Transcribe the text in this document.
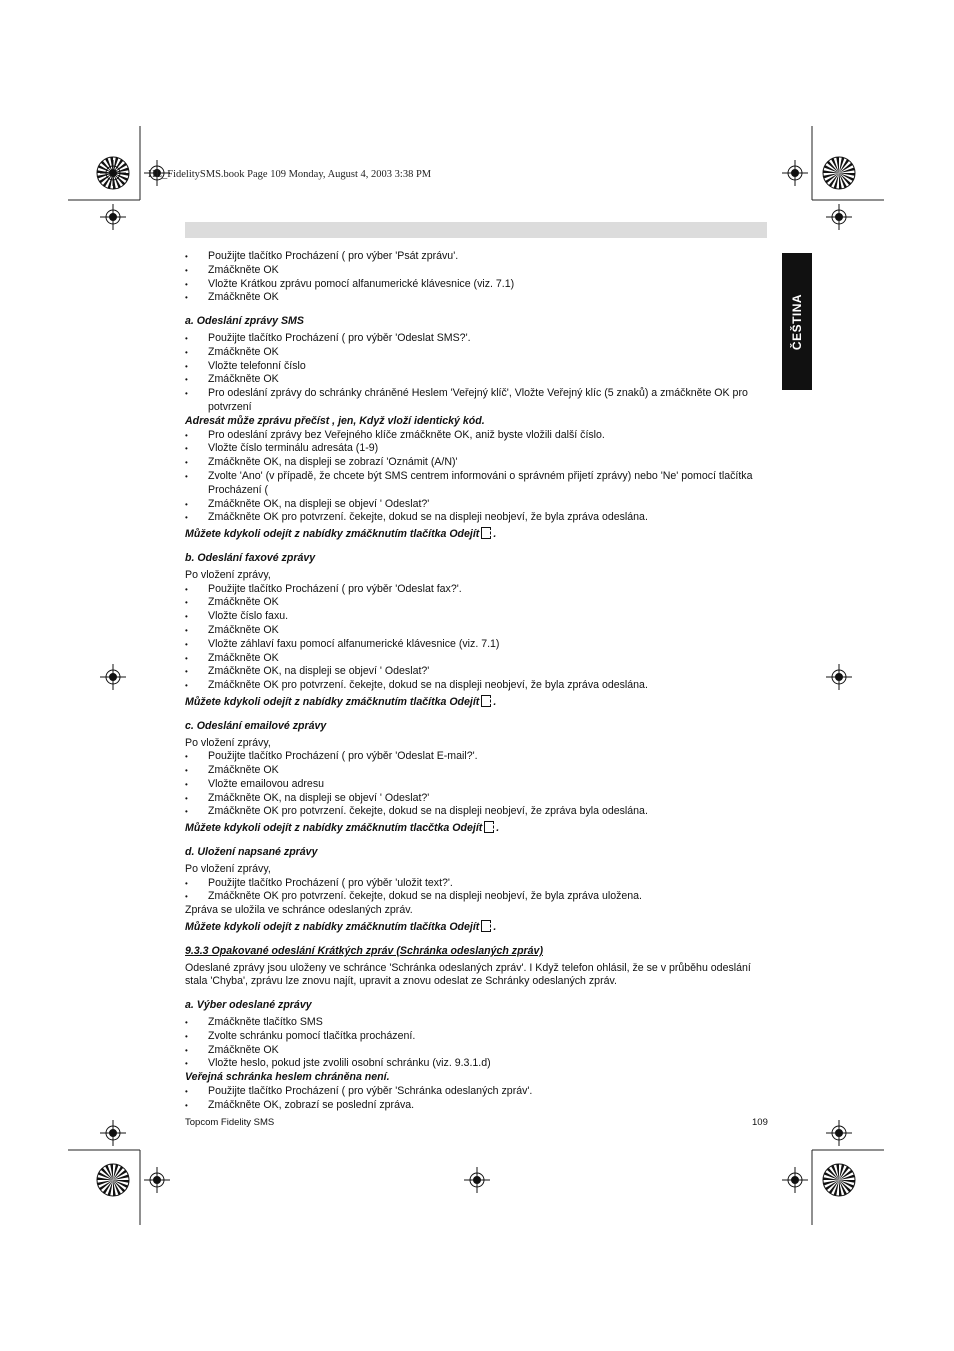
HL_FidelitySMS.book Page 109 Monday, August 4, 2003 3:38 PM
ČEŠTINA
• Použijte tlačítko Procházení ( pro výber 'Psát zprávu'.
• Zmáčkněte OK
• Vložte Krátkou zprávu pomocí alfanumerické klávesnice (viz. 7.1)
• Zmáčkněte OK

a. Odeslání zprávy SMS

• Použijte tlačítko Procházení ( pro výběr 'Odeslat SMS?'.
• Zmáčkněte OK
• Vložte telefonní číslo
• Zmáčkněte OK
• Pro odeslání zprávy do schránky chráněné Heslem 'Veřejný klíč', Vložte Veřejný klíc (5 znaků) a zmáčkněte OK pro potvrzení

Adresát může zprávu přečíst , jen, Když vloží identický kód.

• Pro odeslání zprávy bez Veřejného klíče zmáčkněte OK, aniž byste vložili další číslo.
• Vložte číslo terminálu adresáta (1-9)
• Zmáčkněte OK, na displeji se zobrazí 'Oznámit (A/N)'
• Zvolte 'Ano' (v případě, že chcete být SMS centrem informováni o správném přijetí zprávy) nebo 'Ne' pomocí tlačítka Procházení (
• Zmáčkněte OK, na displeji se objeví ' Odeslat?'
• Zmáčkněte OK pro potvrzení. čekejte, dokud se na displeji neobjeví, že byla zpráva odeslána.

Můžete kdykoli odejít z nabídky zmáčknutím tlačítka Odejít .

b. Odeslání faxové zprávy

Po vložení zprávy,

• Použijte tlačítko Procházení ( pro výběr 'Odeslat fax?'.
• Zmáčkněte OK
• Vložte číslo faxu.
• Zmáčkněte OK
• Vložte záhlaví faxu pomocí alfanumerické klávesnice (viz. 7.1)
• Zmáčkněte OK
• Zmáčkněte OK, na displeji se objeví ' Odeslat?'
• Zmáčkněte OK pro potvrzení. čekejte, dokud se na displeji neobjeví, že byla zpráva odeslána.

Můžete kdykoli odejít z nabídky zmáčknutím tlačítka Odejít .

c. Odeslání emailové zprávy

Po vložení zprávy,

• Použijte tlačítko Procházení ( pro výběr 'Odeslat E-mail?'.
• Zmáčkněte OK
• Vložte emailovou adresu
• Zmáčkněte OK, na displeji se objeví ' Odeslat?'
• Zmáčkněte OK pro potvrzení. čekejte, dokud se na displeji neobjeví, že zpráva byla odeslána.

Můžete kdykoli odejít z nabídky zmáčknutím tlacčtka Odejít .

d. Uložení napsané zprávy

Po vložení zprávy,

• Použijte tlačítko Procházení ( pro výběr 'uložit text?'.
• Zmáčkněte OK pro potvrzení. čekejte, dokud se na displeji neobjeví, že byla zpráva uložena.

Zpráva se uložila ve schránce odeslaných zpráv.

Můžete kdykoli odejít z nabídky zmáčknutím tlačítka Odejít .

9.3.3 Opakované odeslání Krátkých zpráv (Schránka odeslaných zpráv)

Odeslané zprávy jsou uloženy ve schránce 'Schránka odeslaných zpráv'. I Když telefon ohlásil, že se v průběhu odeslání stala 'Chyba', zprávu lze znovu najít, upravit a znovu odeslat ze Schránky odeslaných zpráv.

a. Výber odeslané zprávy

• Zmáčkněte tlačítko SMS
• Zvolte schránku pomocí tlačítka procházení.
• Zmáčkněte OK
• Vložte heslo, pokud jste zvolili osobní schránku (viz. 9.3.1.d)

Veřejná schránka heslem chráněna není.

• Použijte tlačítko Procházení ( pro výběr 'Schránka odeslaných zpráv'.
• Zmáčkněte OK, zobrazí se poslední zpráva.
Topcom Fidelity SMS	109
